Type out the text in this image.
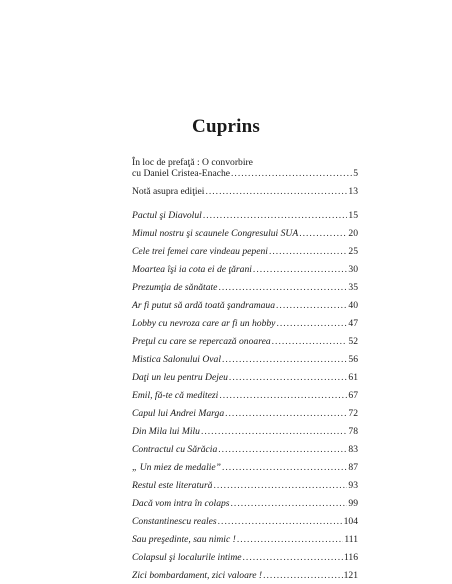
Cuprins
În loc de prefaţă : O convorbire
cu Daniel Cristea-Enache .....	5
Notă asupra ediţiei .....	13
Pactul şi Diavolul .....	15
Mimul nostru şi scaunele Congresului SUA .....	20
Cele trei femei care vindeau pepeni .....	25
Moartea îşi ia cota ei de ţărani .....	30
Prezumţia de sănătate .....	35
Ar fi putut să ardă toată şandramaua .....	40
Lobby cu nevroza care ar fi un hobby .....	47
Preţul cu care se repercază onoarea .....	52
Mistica Salonului Oval .....	56
Daţi un leu pentru Dejeu .....	61
Emil, fă-te că meditezi .....	67
Capul lui Andrei Marga .....	72
Din Mila lui Milu .....	78
Contractul cu Sărăcia .....	83
„ Un miez de medalie” .....	87
Restul este literatură .....	93
Dacă vom intra în colaps .....	99
Constantinescu reales .....	104
Sau preşedinte, sau nimic ! .....	111
Colapsul şi localurile intime .....	116
Zici bombardament, zici valoare ! .....	121
